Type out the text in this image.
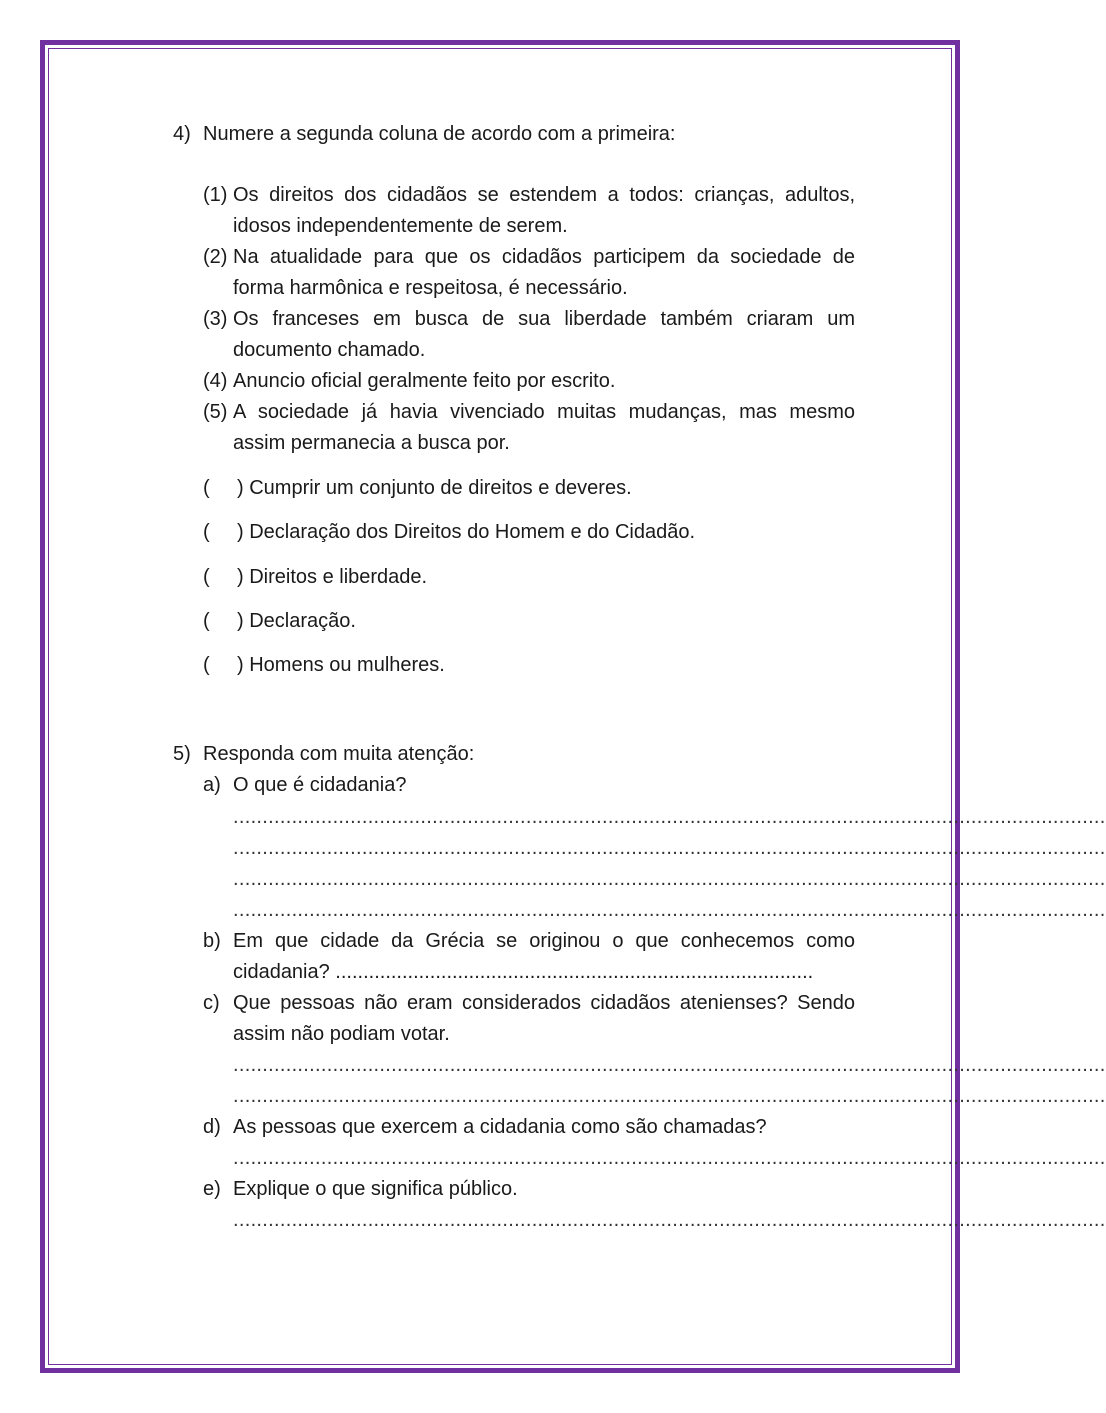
4) Numere a segunda coluna de acordo com a primeira:
(1) Os direitos dos cidadãos se estendem a todos: crianças, adultos,
idosos independentemente de serem.
(2) Na atualidade para que os cidadãos participem da sociedade de
forma harmônica e respeitosa, é necessário.
(3) Os franceses em busca de sua liberdade também criaram um
documento chamado.
(4) Anuncio oficial geralmente feito por escrito.
(5) A sociedade já havia vivenciado muitas mudanças, mas mesmo
assim permanecia a busca por.
( ) Cumprir um conjunto de direitos e deveres.
( ) Declaração dos Direitos do Homem e do Cidadão.
( ) Direitos e liberdade.
( ) Declaração.
( ) Homens ou mulheres.
5) Responda com muita atenção:
a) O que é cidadania?
.....................................................................................................................................................
.....................................................................................................................................................
.....................................................................................................................................................
.....................................................................................................................................................
b) Em que cidade da Grécia se originou o que conhecemos como
cidadania? ......................................................................................
c) Que pessoas não eram considerados cidadãos atenienses? Sendo
assim não podiam votar.
.....................................................................................................................................................
.....................................................................................................................................................
d) As pessoas que exercem a cidadania como são chamadas?
.....................................................................................................................................................
e) Explique o que significa público.
.....................................................................................................................................................
